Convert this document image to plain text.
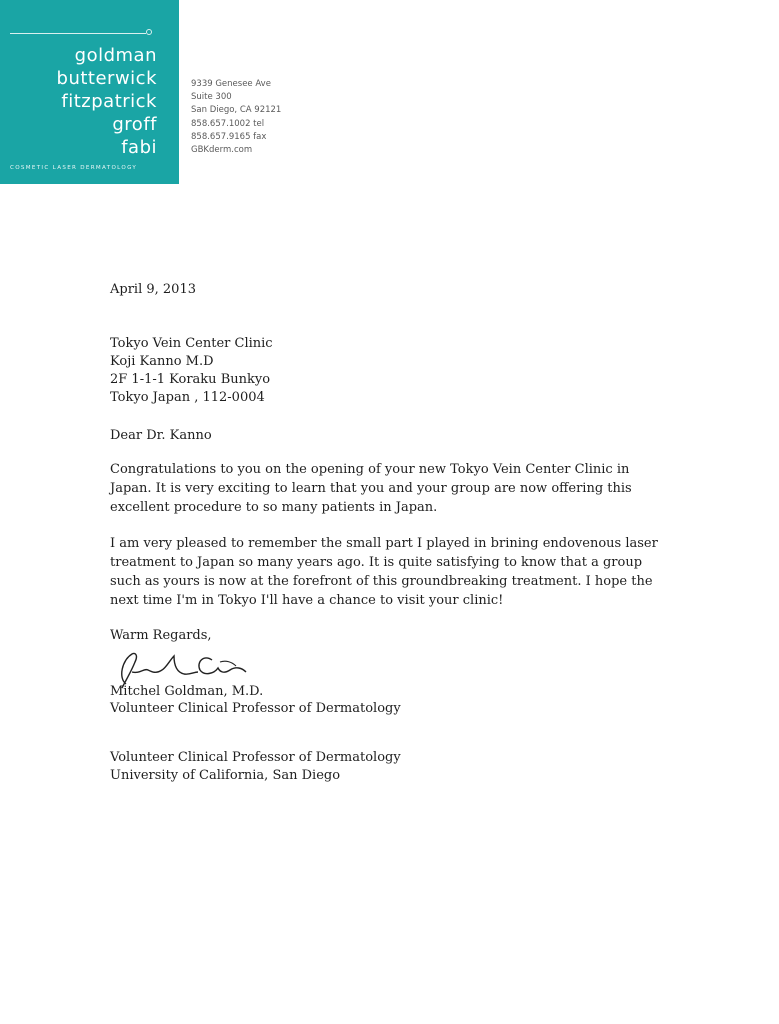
goldman
butterwick
fitzpatrick
groff
fabi
COSMETIC LASER DERMATOLOGY
9339 Genesee Ave
Suite 300
San Diego, CA 92121
858.657.1002 tel
858.657.9165 fax
GBKderm.com
April 9, 2013
Tokyo Vein Center Clinic
Koji Kanno M.D
2F 1-1-1 Koraku Bunkyo
Tokyo Japan , 112-0004
Dear Dr. Kanno
Congratulations to you on the opening of your new Tokyo Vein Center Clinic in
Japan. It is very exciting to learn that you and your group are now offering this
excellent procedure to so many patients in Japan.
I am very pleased to remember the small part I played in brining endovenous laser
treatment to Japan so many years ago. It is quite satisfying to know that a group
such as yours is now at the forefront of this groundbreaking treatment. I hope the
next time I'm in Tokyo I'll have a chance to visit your clinic!
Warm Regards,
Mitchel Goldman, M.D.
Volunteer Clinical Professor of Dermatology
Volunteer Clinical Professor of Dermatology
University of California, San Diego
